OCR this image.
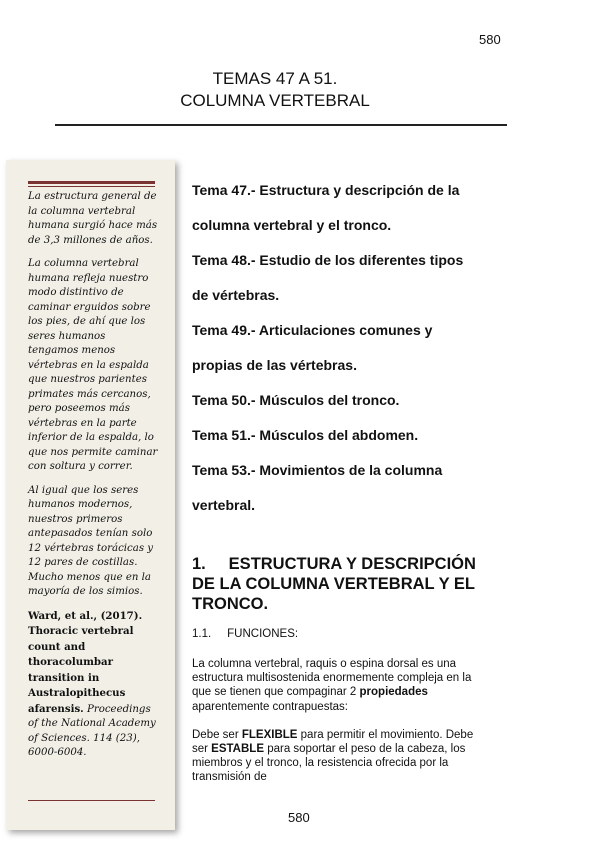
580
TEMAS 47 A 51.
COLUMNA VERTEBRAL

La estructura general de la columna vertebral humana surgió hace más de 3,3 millones de años.

La columna vertebral humana refleja nuestro modo distintivo de caminar erguidos sobre los pies, de ahí que los seres humanos tengamos menos vértebras en la espalda que nuestros parientes primates más cercanos, pero poseemos más vértebras en la parte inferior de la espalda, lo que nos permite caminar con soltura y correr.

Al igual que los seres humanos modernos, nuestros primeros antepasados tenían solo 12 vértebras torácicas y 12 pares de costillas. Mucho menos que en la mayoría de los simios.

Ward, et al., (2017). Thoracic vertebral count and thoracolumbar transition in Australopithecus afarensis. Proceedings of the National Academy of Sciences. 114 (23), 6000-6004.

Tema 47.- Estructura y descripción de la
columna vertebral y el tronco.
Tema 48.- Estudio de los diferentes tipos
de vértebras.
Tema 49.- Articulaciones comunes y
propias de las vértebras.
Tema 50.- Músculos del tronco.
Tema 51.- Músculos del abdomen.
Tema 53.- Movimientos de la columna
vertebral.
1.     ESTRUCTURA Y DESCRIPCIÓN
DE LA COLUMNA VERTEBRAL Y EL
TRONCO.
1.1.     FUNCIONES:

La columna vertebral, raquis o espina dorsal es una estructura multisostenida enormemente compleja en la que se tienen que compaginar 2 propiedades aparentemente contrapuestas:

Debe ser FLEXIBLE para permitir el movimiento. Debe ser ESTABLE para soportar el peso de la cabeza, los miembros y el tronco, la resistencia ofrecida por la transmisión de

580
